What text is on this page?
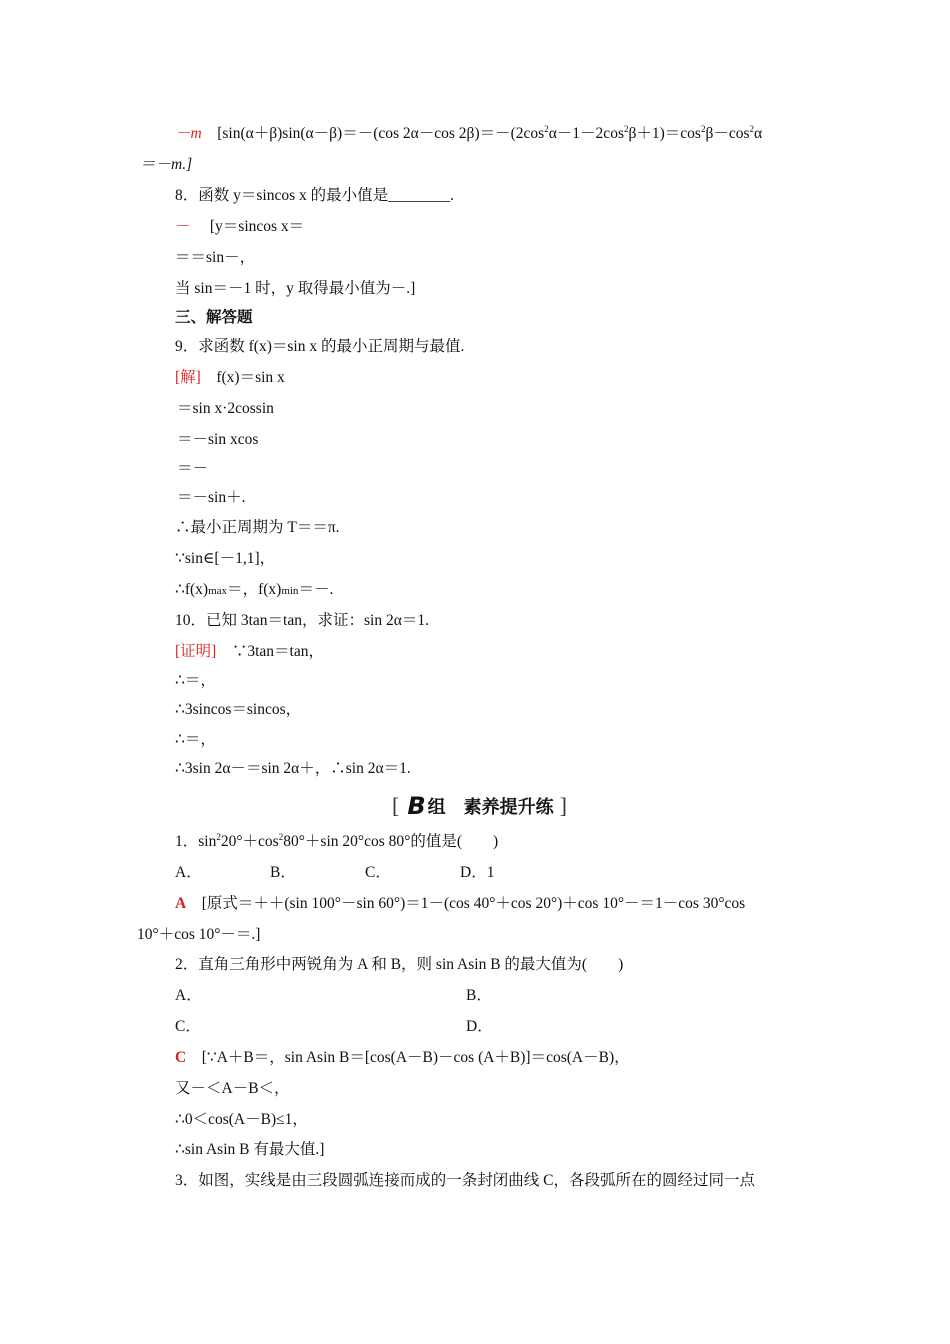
－m [sin(α＋β)sin(α－β)＝－(cos 2α－cos $2\beta)=-(2\cos^2\alpha-1-2\cos^2\beta+1)=\cos^2\beta-\cos^2\alpha$
＝－m.]
8．函数 y＝sincos x 的最小值是________.
－ [y＝sincos x＝
＝＝sin－，
当 sin＝－1 时，y 取得最小值为－.]
三、解答题
9．求函数 f(x)＝sin x 的最小正周期与最值.
[解] f(x)＝sin x
＝sin x·2cossin
＝－sin xcos
＝－
＝－sin＋.
∴最小正周期为 T＝＝π.
∵sin∈[－1,1]，
∴f(x)max＝，f(x)min＝－.
10．已知 3tan＝tan，求证：sin 2α＝1.
[证明] ∵3tan＝tan，
∴＝，
∴3sincos＝sincos，
∴＝，
∴3sin 2α－＝sin 2α＋，∴sin 2α＝1.
[ B 组　素养提升练 ]
1．$\sin^220^\circ+\cos^280^\circ+\sin$ 20°cos 80°的值是(　　)
A．	B．	C．	D．1
A [原式＝＋＋(sin 100°－sin 60°)＝1－(cos 40°＋cos 20°)＋cos 10°－＝1－cos 30°cos
10°＋cos 10°－＝.]
2．直角三角形中两锐角为 A 和 B，则 sin Asin B 的最大值为(　　)
A．	B．
C．	D．
C [∵A＋B＝，sin Asin B＝[cos(A－B)－cos (A＋B)]＝cos(A－B)，
又－＜A－B＜，
∴0＜cos(A－B)≤1，
∴sin Asin B 有最大值.]
3．如图，实线是由三段圆弧连接而成的一条封闭曲线 C，各段弧所在的圆经过同一点
